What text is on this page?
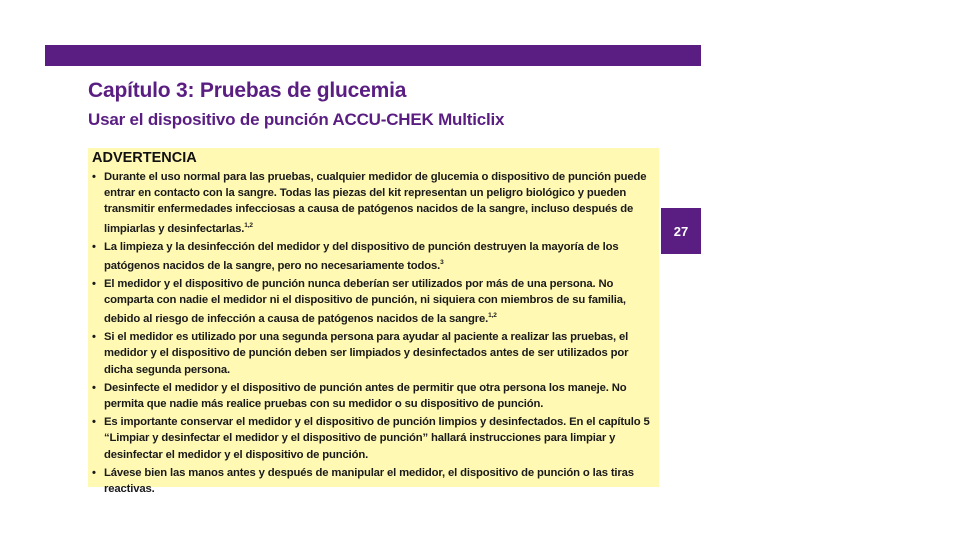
Capítulo 3: Pruebas de glucemia
Usar el dispositivo de punción ACCU-CHEK Multiclix
ADVERTENCIA
• Durante el uso normal para las pruebas, cualquier medidor de glucemia o dispositivo de punción puede entrar en contacto con la sangre. Todas las piezas del kit representan un peligro biológico y pueden transmitir enfermedades infecciosas a causa de patógenos nacidos de la sangre, incluso después de limpiarlas y desinfectarlas.$^{1,2}$
• La limpieza y la desinfección del medidor y del dispositivo de punción destruyen la mayoría de los patógenos nacidos de la sangre, pero no necesariamente todos.$^3$
• El medidor y el dispositivo de punción nunca deberían ser utilizados por más de una persona. No comparta con nadie el medidor ni el dispositivo de punción, ni siquiera con miembros de su familia, debido al riesgo de infección a causa de patógenos nacidos de la sangre.$^{1,2}$
• Si el medidor es utilizado por una segunda persona para ayudar al paciente a realizar las pruebas, el medidor y el dispositivo de punción deben ser limpiados y desinfectados antes de ser utilizados por dicha segunda persona.
• Desinfecte el medidor y el dispositivo de punción antes de permitir que otra persona los maneje. No permita que nadie más realice pruebas con su medidor o su dispositivo de punción.
• Es importante conservar el medidor y el dispositivo de punción limpios y desinfectados. En el capítulo 5 “Limpiar y desinfectar el medidor y el dispositivo de punción” hallará instrucciones para limpiar y desinfectar el medidor y el dispositivo de punción.
• Lávese bien las manos antes y después de manipular el medidor, el dispositivo de punción o las tiras reactivas.
27
